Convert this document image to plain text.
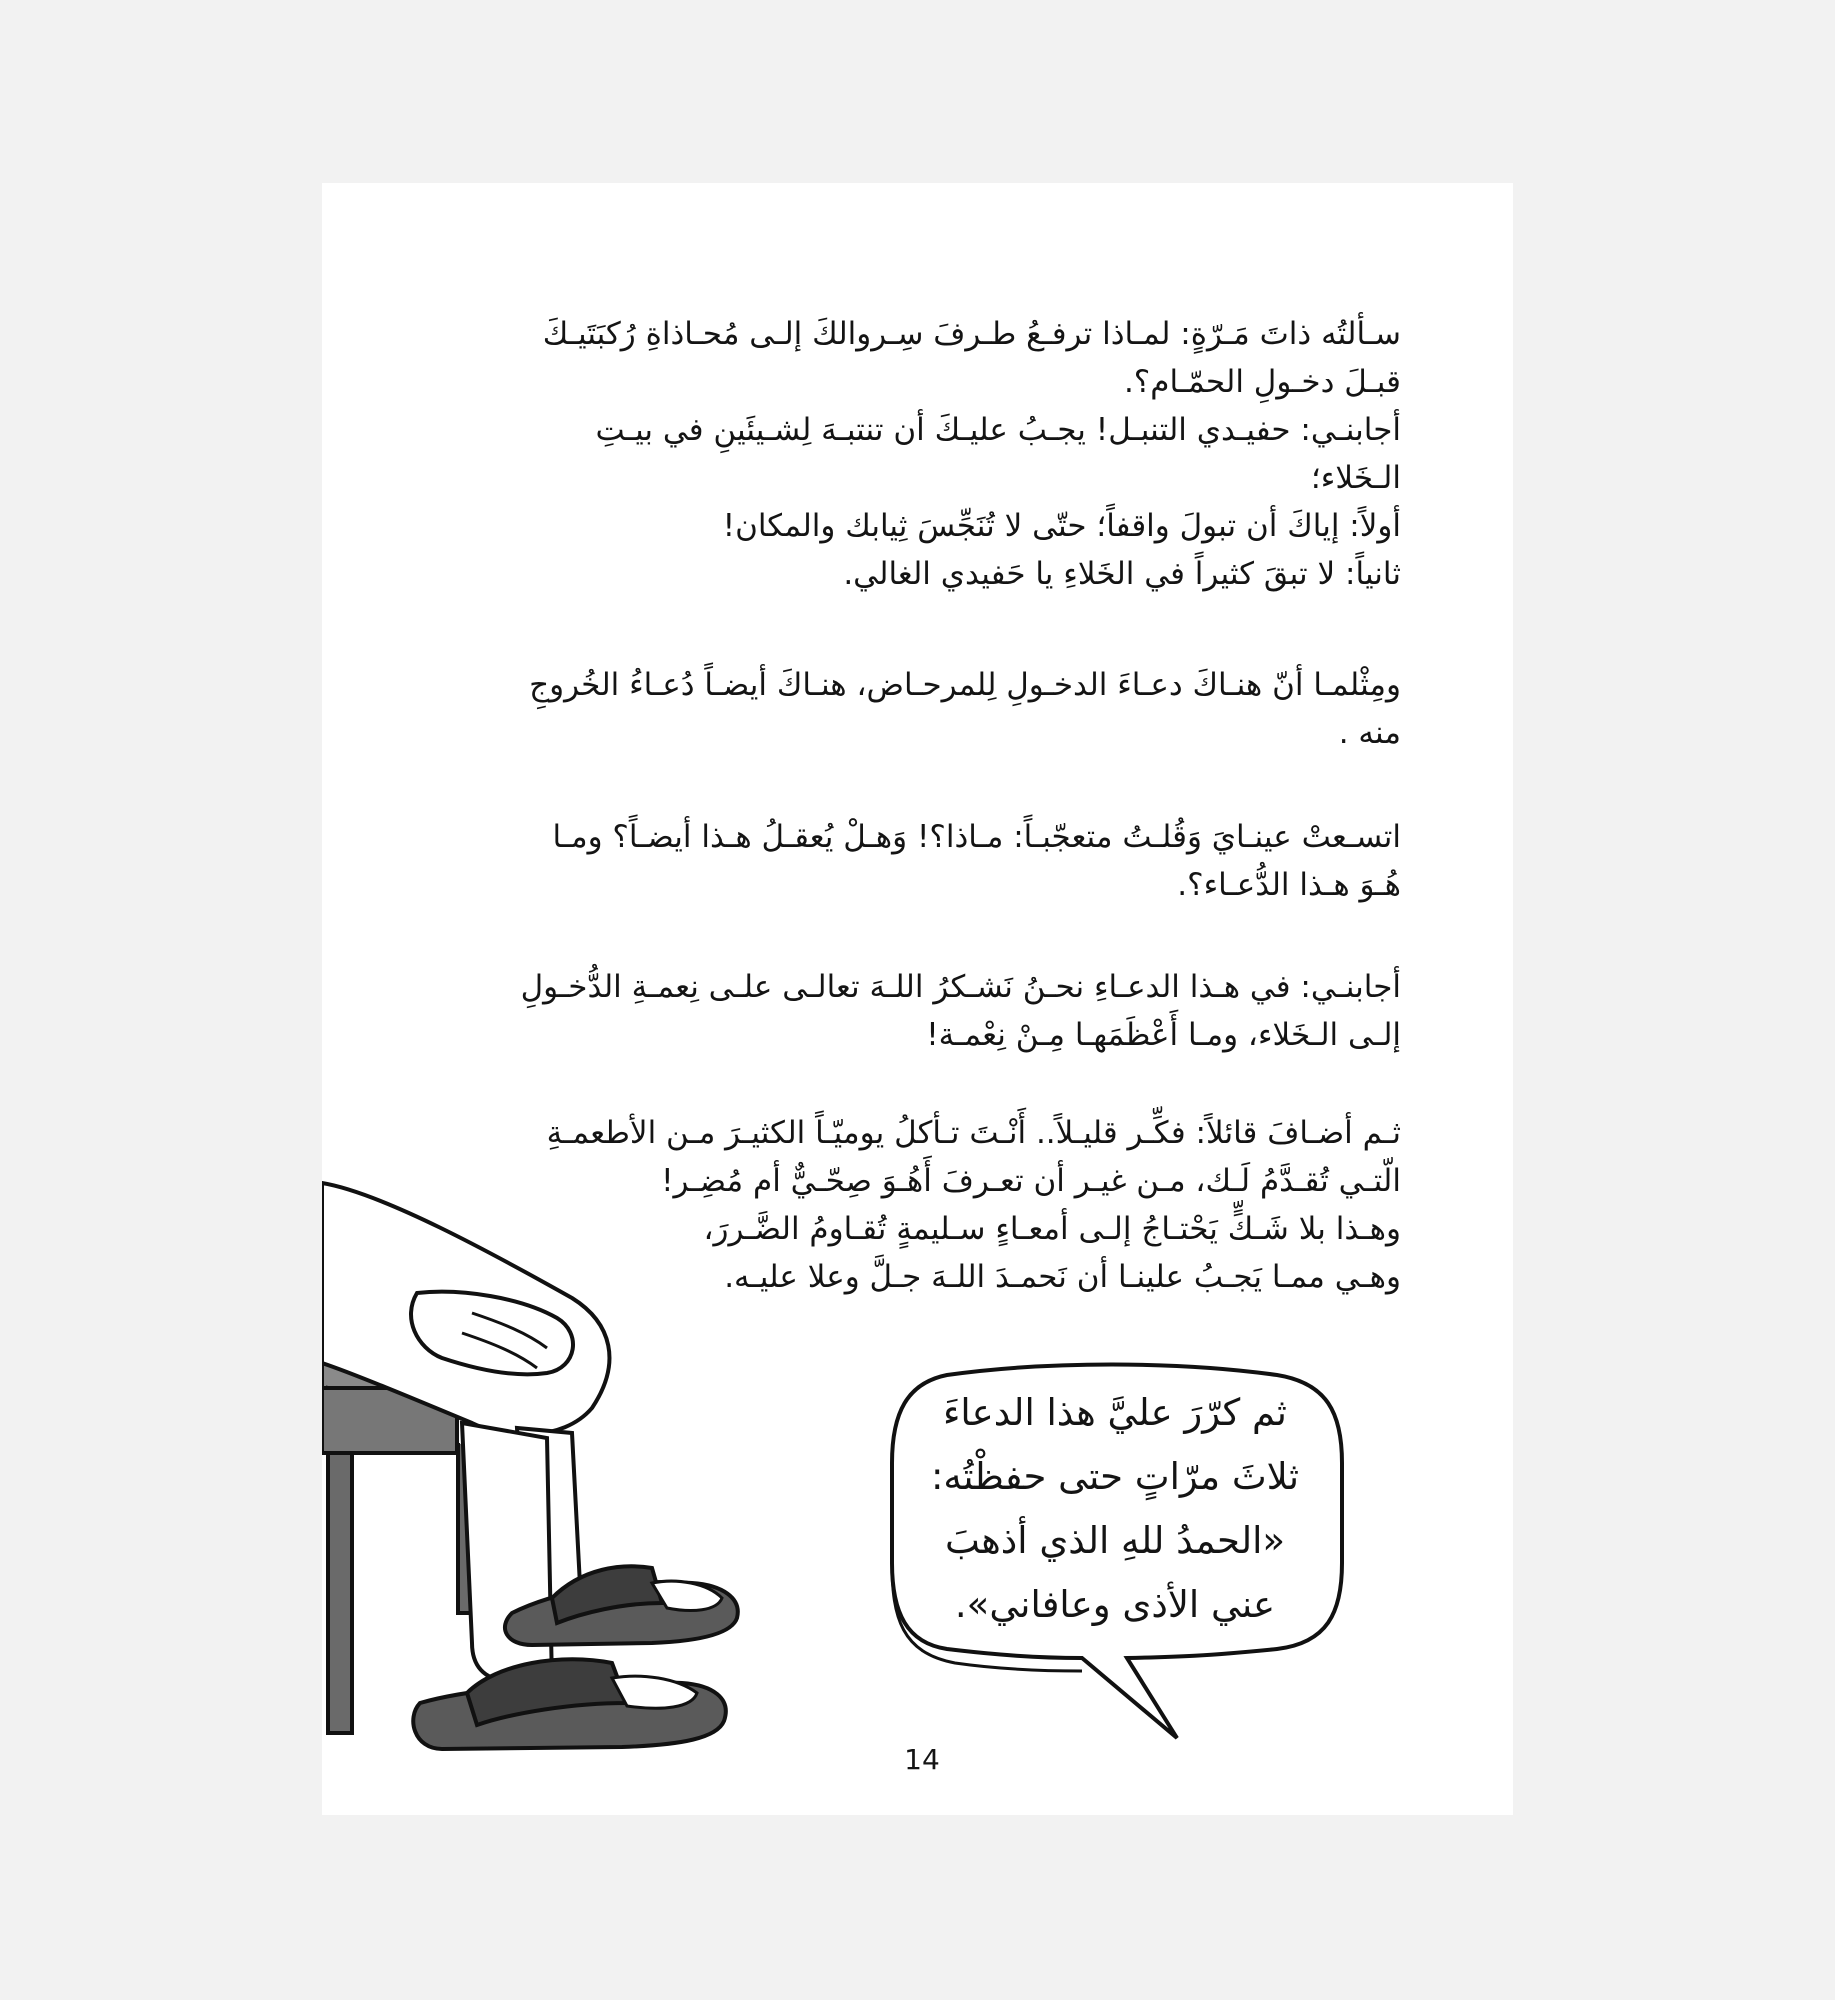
سـألتُه ذاتَ مَـرّةٍ: لمـاذا ترفـعُ طـرفَ سِـروالكَ إلـى مُحـاذاةِ رُكبَتَيـكَ

قبـلَ دخـولِ الحمّـام؟.

أجابنـي: حفيـدي التنبـل! يجـبُ عليـكَ أن تنتبـهَ لِشـيئَينِ في بيـتِ

الـخَلاء؛

أولاً: إياكَ أن تبولَ واقفاً؛ حتّى لا تُنَجِّسَ ثِيابك والمكان!

ثانياً: لا تبقَ كثيراً في الخَلاءِ يا حَفيدي الغالي.

ومِثْلمـا أنّ هنـاكَ دعـاءَ الدخـولِ لِلمرحـاض، هنـاكَ أيضـاً دُعـاءُ الخُروجِ

منه .

اتسـعتْ عينـايَ وَقُلـتُ متعجّبـاً: مـاذا؟! وَهـلْ يُعقـلُ هـذا أيضـاً؟ ومـا

هُـوَ هـذا الدُّعـاء؟.

أجابنـي: في هـذا الدعـاءِ نحـنُ نَشـكرُ اللـهَ تعالـى علـى نِعمـةِ الدُّخـولِ

إلـى الـخَلاء، ومـا أَعْظَمَهـا مِـنْ نِعْمـة!

ثـم أضـافَ قائلاً: فكِّـر قليـلاً.. أَنْـتَ تـأكلُ يوميّـاً الكثيـرَ مـن الأطعمـةِ

الّتـي تُقـدَّمُ لَـك، مـن غيـر أن تعـرفَ أَهُـوَ صِحّـيٌّ أم مُضِـر!

وهـذا بلا شَـكٍّ يَحْتـاجُ إلـى أمعـاءٍ سـليمةٍ تُقـاومُ الضَّـررَ،

وهـي ممـا يَجـبُ علينـا أن نَحمـدَ اللـهَ جـلَّ وعلا عليـه.

ثم كرّرَ عليَّ هذا الدعاءَ

ثلاثَ مرّاتٍ حتى حفظْتُه:

«الحمدُ للهِ الذي أذهبَ

عني الأذى وعافاني».

14
